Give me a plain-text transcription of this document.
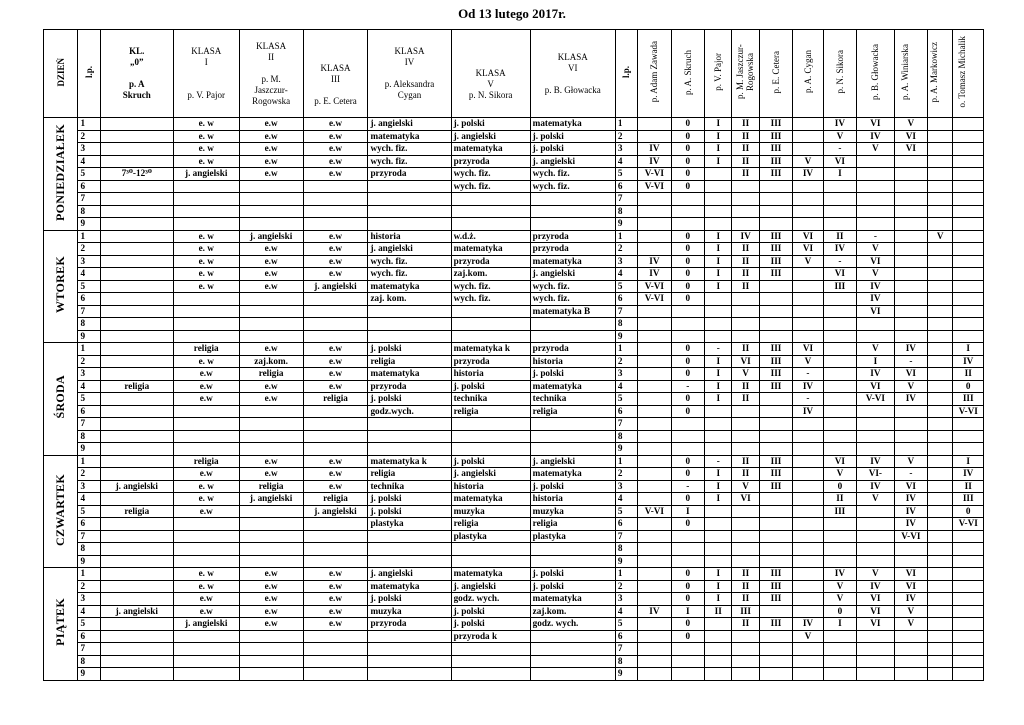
Od 13 lutego 2017r.
DZIEŃ	l.p.	KL.
„0”

p. A
Skruch	KLASA
I

p. V. Pajor	KLASA
II

p. M.
Jaszczur-
Rogowska	KLASA
III

p. E. Cetera	KLASA
IV

p. Aleksandra
Cygan	KLASA
V
p. N. Sikora	KLASA
VI

p. B. Głowacka	l.p.	p. Adam Zawada	p. A. Skruch	p. V. Pajor	p. M. Jaszczur- Rogowska	p. E. Cetera	p. A. Cygan	p. N. Sikora	p. B. Głowacka	p. A. Winiarska	p. A. Markowicz	o. Tomasz Michalik
PONIEDZIAŁEK	1		e. w	e.w	e.w	j. angielski	j. polski	matematyka	1		0	I	II	III		IV	VI	V		
	2		e. w	e.w	e.w	matematyka	j. angielski	j. polski	2		0	I	II	III		V	IV	VI		
	3		e. w	e.w	e.w	wych. fiz.	matematyka	j. polski	3	IV	0	I	II	III		-	V	VI		
	4		e. w	e.w	e.w	wych. fiz.	przyroda	j. angielski	4	IV	0	I	II	III	V	VI				
	5	7³⁰-12³⁰	j. angielski	e.w	e.w	przyroda	wych. fiz.	wych. fiz.	5	V-VI	0		II	III	IV	I				
	6						wych. fiz.	wych. fiz.	6	V-VI	0									
	7								7											
	8								8											
	9								9											
WTOREK	1		e. w	j. angielski	e.w	historia	w.d.ż.	przyroda	1		0	I	IV	III	VI	II	-		V	
	2		e. w	e.w	e.w	j. angielski	matematyka	przyroda	2		0	I	II	III	VI	IV	V			
	3		e. w	e.w	e.w	wych. fiz.	przyroda	matematyka	3	IV	0	I	II	III	V	-	VI			
	4		e. w	e.w	e.w	wych. fiz.	zaj.kom.	j. angielski	4	IV	0	I	II	III		VI	V			
	5		e. w	e.w	j. angielski	matematyka	wych. fiz.	wych. fiz.	5	V-VI	0	I	II			III	IV			
	6					zaj. kom.	wych. fiz.	wych. fiz.	6	V-VI	0						IV			
	7							matematyka B	7								VI			
	8								8											
	9								9											
ŚRODA	1		religia	e.w	e.w	j. polski	matematyka k	przyroda	1		0	-	II	III	VI		V	IV		I
	2		e. w	zaj.kom.	e.w	religia	przyroda	historia	2		0	I	VI	III	V		I	-		IV
	3		e.w	religia	e.w	matematyka	historia	j. polski	3		0	I	V	III	-		IV	VI		II
	4	religia	e.w	e.w	e.w	przyroda	j. polski	matematyka	4		-	I	II	III	IV		VI	V		0
	5		e.w	e.w	religia	j. polski	technika	technika	5		0	I	II		-		V-VI	IV		III
	6					godz.wych.	religia	religia	6		0				IV					V-VI
	7								7											
	8								8											
	9								9											
CZWARTEK	1		religia	e.w	e.w	matematyka k	j. polski	j. angielski	1		0	-	II	III		VI	IV	V		I
	2		e.w	e.w	e.w	religia	j. angielski	matematyka	2		0	I	II	III		V	VI-	-		IV
	3	j. angielski	e. w	religia	e.w	technika	historia	j. polski	3		-	I	V	III		0	IV	VI		II
	4		e. w	j. angielski	religia	j. polski	matematyka	historia	4		0	I	VI			II	V	IV		III
	5	religia	e.w		j. angielski	j. polski	muzyka	muzyka	5	V-VI	I					III		IV		0
	6					plastyka	religia	religia	6		0							IV		V-VI
	7						plastyka	plastyka	7									V-VI		
	8								8											
	9								9											
PIĄTEK	1		e. w	e.w	e.w	j. angielski	matematyka	j. polski	1		0	I	II	III		IV	V	VI		
	2		e. w	e.w	e.w	matematyka	j. angielski	j. polski	2		0	I	II	III		V	IV	VI		
	3		e.w	e.w	e.w	j. polski	godz. wych.	matematyka	3		0	I	II	III		V	VI	IV		
	4	j. angielski	e.w	e.w	e.w	muzyka	j. polski	zaj.kom.	4	IV	I	II	III			0	VI	V		
	5		j. angielski	e.w	e.w	przyroda	j. polski	godz. wych.	5		0		II	III	IV	I	VI	V		
	6						przyroda k		6		0				V					
	7								7											
	8								8											
	9								9											
